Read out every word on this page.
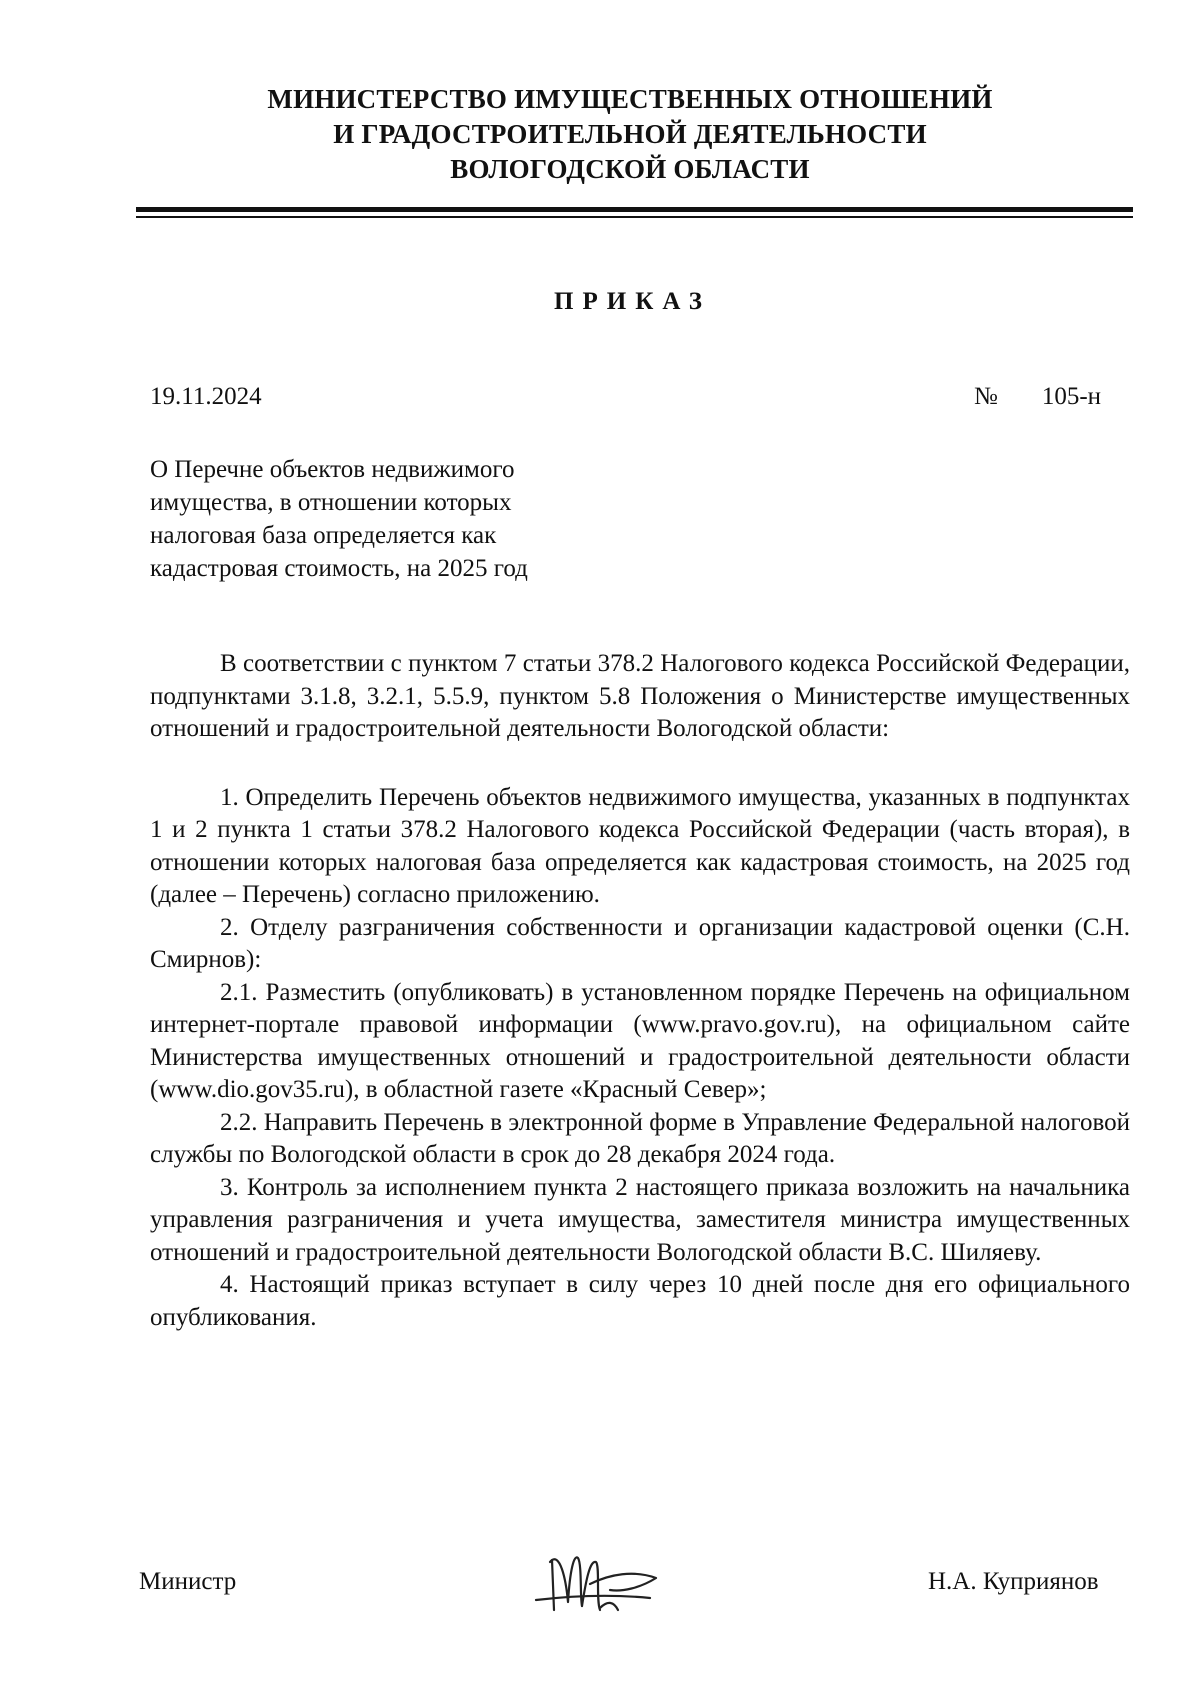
МИНИСТЕРСТВО ИМУЩЕСТВЕННЫХ ОТНОШЕНИЙ
И ГРАДОСТРОИТЕЛЬНОЙ ДЕЯТЕЛЬНОСТИ
ВОЛОГОДСКОЙ ОБЛАСТИ
ПРИКАЗ
19.11.2024	№ 105-н
О Перечне объектов недвижимого
имущества, в отношении которых
налоговая база определяется как
кадастровая стоимость, на 2025 год

В соответствии с пунктом 7 статьи 378.2 Налогового кодекса Российской Федерации, подпунктами 3.1.8, 3.2.1, 5.5.9, пунктом 5.8 Положения о Министерстве имущественных отношений и градостроительной деятельности Вологодской области:

1. Определить Перечень объектов недвижимого имущества, указанных в подпунктах 1 и 2 пункта 1 статьи 378.2 Налогового кодекса Российской Федерации (часть вторая), в отношении которых налоговая база определяется как кадастровая стоимость, на 2025 год (далее – Перечень) согласно приложению.

2. Отделу разграничения собственности и организации кадастровой оценки (С.Н. Смирнов):

2.1. Разместить (опубликовать) в установленном порядке Перечень на официальном интернет-портале правовой информации (www.pravo.gov.ru), на официальном сайте Министерства имущественных отношений и градостроительной деятельности области (www.dio.gov35.ru), в областной газете «Красный Север»;

2.2. Направить Перечень в электронной форме в Управление Федеральной налоговой службы по Вологодской области в срок до 28 декабря 2024 года.

3. Контроль за исполнением пункта 2 настоящего приказа возложить на начальника управления разграничения и учета имущества, заместителя министра имущественных отношений и градостроительной деятельности Вологодской области В.С. Шиляеву.

4. Настоящий приказ вступает в силу через 10 дней после дня его официального опубликования.

Министр	Н.А. Куприянов
